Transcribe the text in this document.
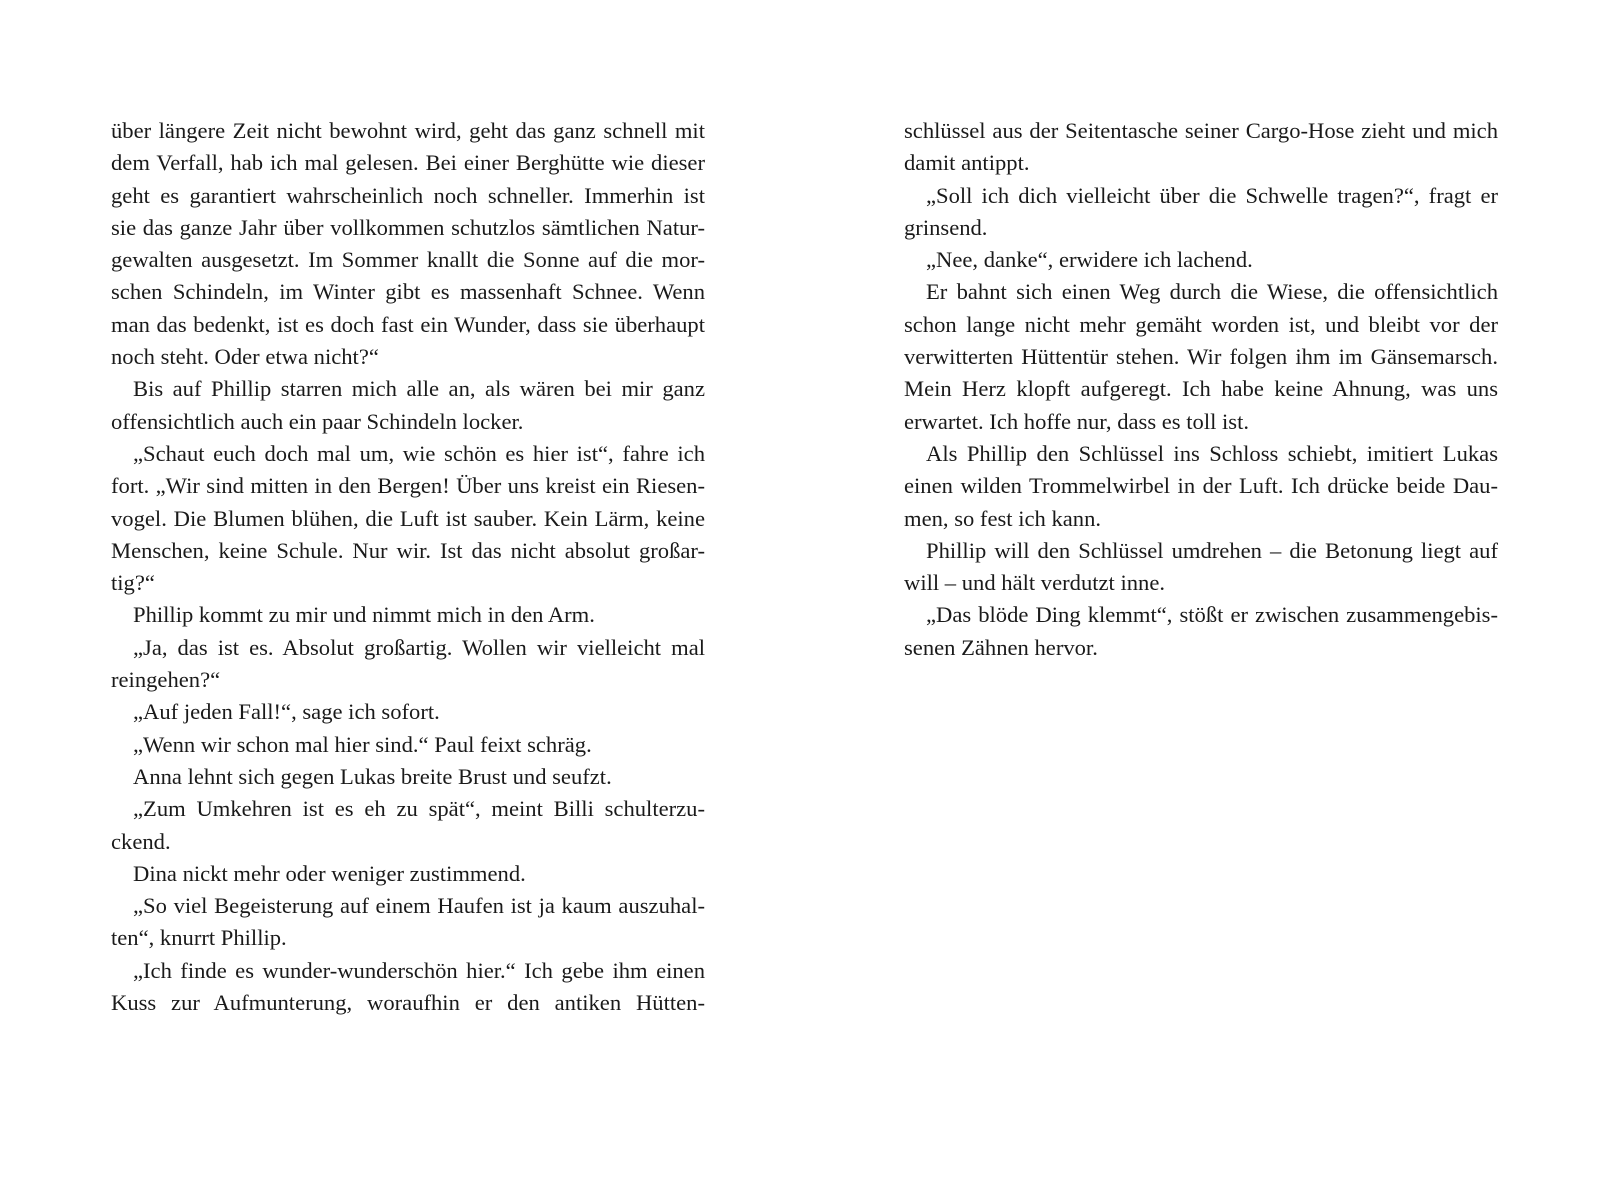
über längere Zeit nicht bewohnt wird, geht das ganz schnell mit
dem Verfall, hab ich mal gelesen. Bei einer Berghütte wie dieser
geht es garantiert wahrscheinlich noch schneller. Immerhin ist
sie das ganze Jahr über vollkommen schutzlos sämtlichen Natur-
gewalten ausgesetzt. Im Sommer knallt die Sonne auf die mor-
schen Schindeln, im Winter gibt es massenhaft Schnee. Wenn
man das bedenkt, ist es doch fast ein Wunder, dass sie überhaupt
noch steht. Oder etwa nicht?“
Bis auf Phillip starren mich alle an, als wären bei mir ganz
offensichtlich auch ein paar Schindeln locker.
„Schaut euch doch mal um, wie schön es hier ist“, fahre ich
fort. „Wir sind mitten in den Bergen! Über uns kreist ein Riesen-
vogel. Die Blumen blühen, die Luft ist sauber. Kein Lärm, keine
Menschen, keine Schule. Nur wir. Ist das nicht absolut großar-
tig?“
Phillip kommt zu mir und nimmt mich in den Arm.
„Ja, das ist es. Absolut großartig. Wollen wir vielleicht mal
reingehen?“
„Auf jeden Fall!“, sage ich sofort.
„Wenn wir schon mal hier sind.“ Paul feixt schräg.
Anna lehnt sich gegen Lukas breite Brust und seufzt.
„Zum Umkehren ist es eh zu spät“, meint Billi schulterzu-
ckend.
Dina nickt mehr oder weniger zustimmend.
„So viel Begeisterung auf einem Haufen ist ja kaum auszuhal-
ten“, knurrt Phillip.
„Ich finde es wunder-wunderschön hier.“ Ich gebe ihm einen
Kuss zur Aufmunterung, woraufhin er den antiken Hütten-
schlüssel aus der Seitentasche seiner Cargo-Hose zieht und mich
damit antippt.
„Soll ich dich vielleicht über die Schwelle tragen?“, fragt er
grinsend.
„Nee, danke“, erwidere ich lachend.
Er bahnt sich einen Weg durch die Wiese, die offensichtlich
schon lange nicht mehr gemäht worden ist, und bleibt vor der
verwitterten Hüttentür stehen. Wir folgen ihm im Gänsemarsch.
Mein Herz klopft aufgeregt. Ich habe keine Ahnung, was uns
erwartet. Ich hoffe nur, dass es toll ist.
Als Phillip den Schlüssel ins Schloss schiebt, imitiert Lukas
einen wilden Trommelwirbel in der Luft. Ich drücke beide Dau-
men, so fest ich kann.
Phillip will den Schlüssel umdrehen – die Betonung liegt auf
will – und hält verdutzt inne.
„Das blöde Ding klemmt“, stößt er zwischen zusammengebis-
senen Zähnen hervor.
